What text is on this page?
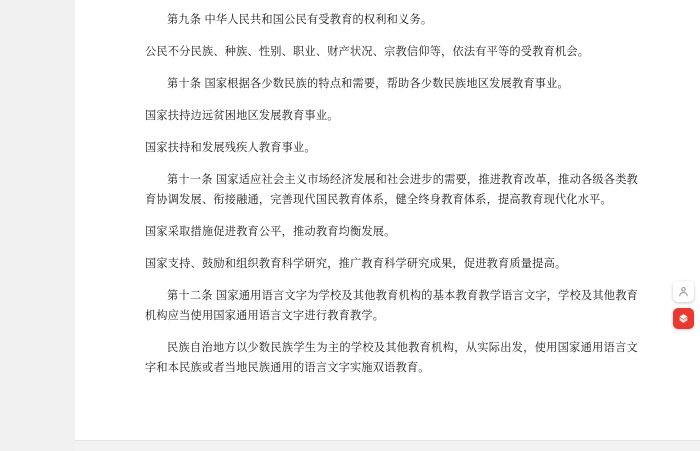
第九条 中华人民共和国公民有受教育的权利和义务。

公民不分民族、种族、性别、职业、财产状况、宗教信仰等，依法有平等的受教育机会。

第十条 国家根据各少数民族的特点和需要，帮助各少数民族地区发展教育事业。

国家扶持边远贫困地区发展教育事业。

国家扶持和发展残疾人教育事业。

第十一条 国家适应社会主义市场经济发展和社会进步的需要，推进教育改革，推动各级各类教育协调发展、衔接融通，完善现代国民教育体系，健全终身教育体系，提高教育现代化水平。

国家采取措施促进教育公平，推动教育均衡发展。

国家支持、鼓励和组织教育科学研究，推广教育科学研究成果，促进教育质量提高。

第十二条 国家通用语言文字为学校及其他教育机构的基本教育教学语言文字，学校及其他教育机构应当使用国家通用语言文字进行教育教学。

民族自治地方以少数民族学生为主的学校及其他教育机构，从实际出发，使用国家通用语言文字和本民族或者当地民族通用的语言文字实施双语教育。
